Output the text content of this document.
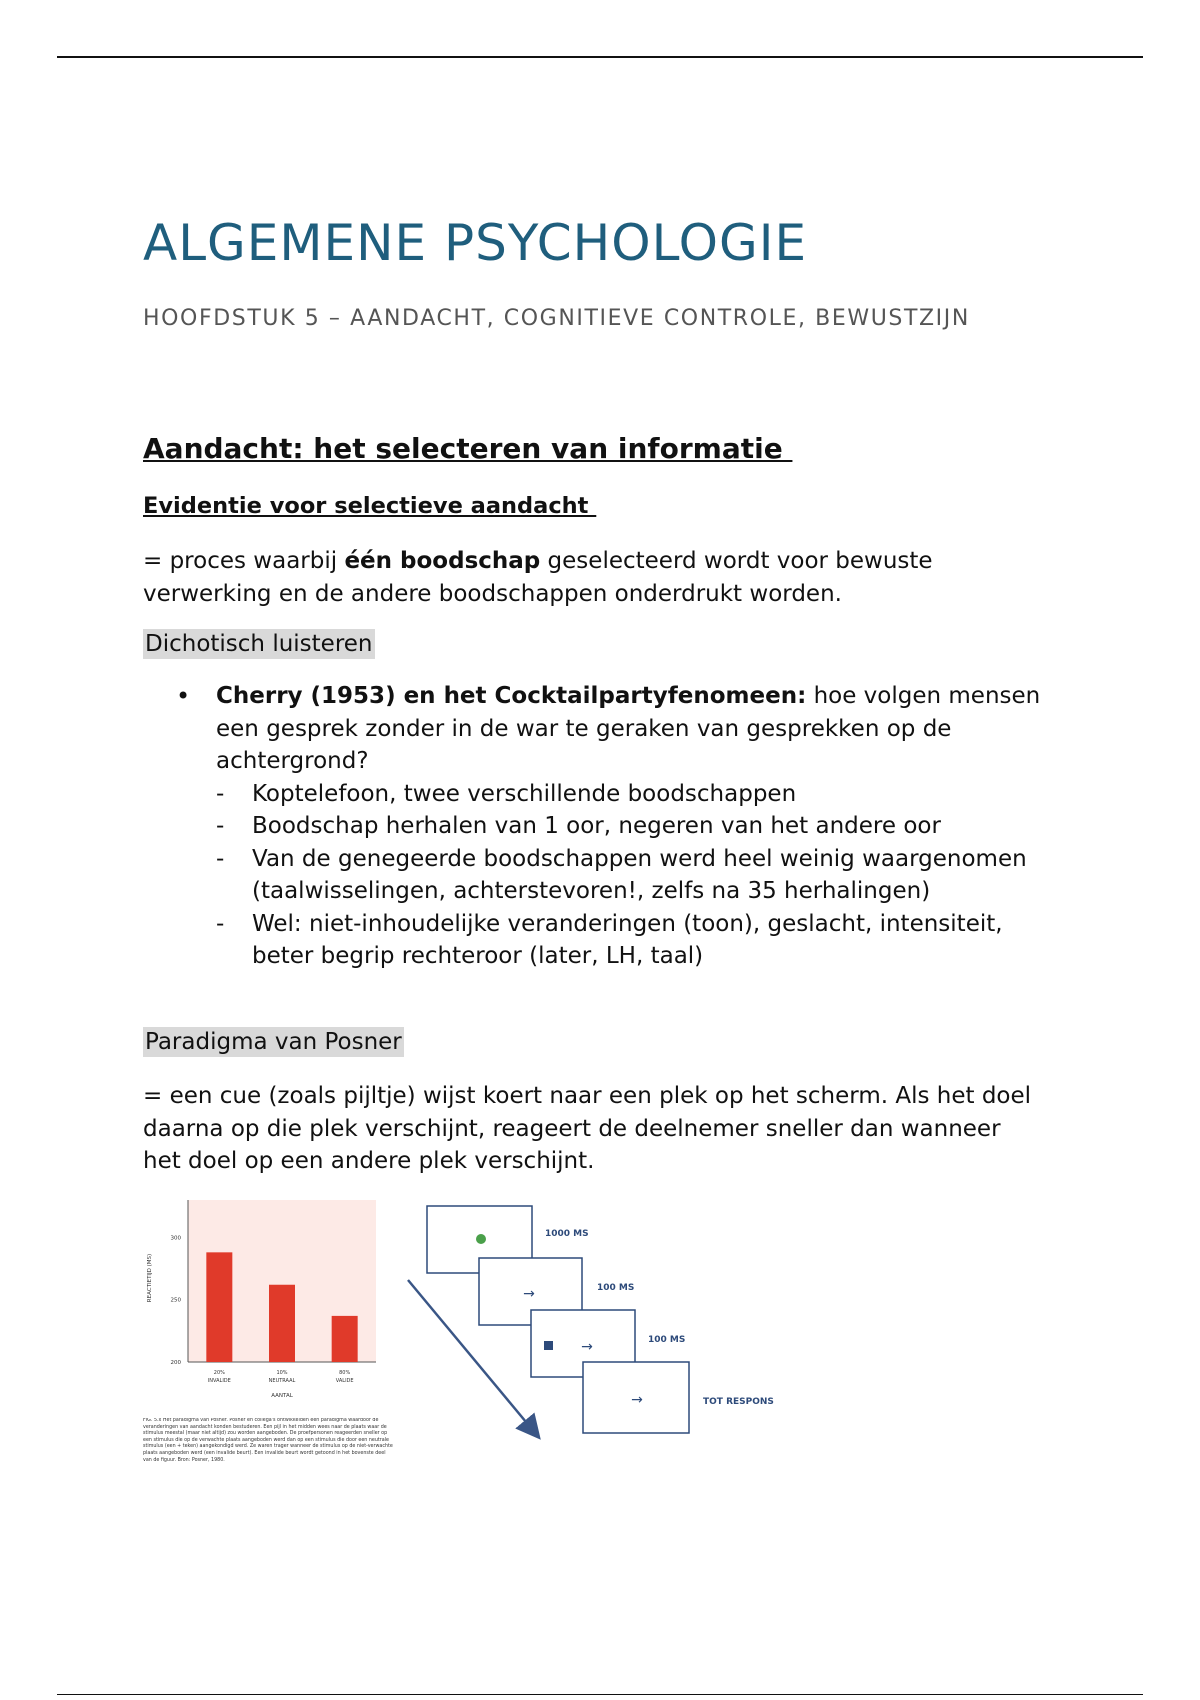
ALGEMENE PSYCHOLOGIE

HOOFDSTUK 5 – AANDACHT, COGNITIEVE CONTROLE, BEWUSTZIJN

Aandacht: het selecteren van informatie
Evidentie voor selectieve aandacht

= proces waarbij één boodschap geselecteerd wordt voor bewuste verwerking en de andere boodschappen onderdrukt worden.

Dichotisch luisteren

• Cherry (1953) en het Cocktailpartyfenomeen: hoe volgen mensen een gesprek zonder in de war te geraken van gesprekken op de achtergrond?
- Koptelefoon, twee verschillende boodschappen
- Boodschap herhalen van 1 oor, negeren van het andere oor
- Van de genegeerde boodschappen werd heel weinig waargenomen (taalwisselingen, achterstevoren!, zelfs na 35 herhalingen)
- Wel: niet-inhoudelijke veranderingen (toon), geslacht, intensiteit, beter begrip rechteroor (later, LH, taal)

Paradigma van Posner

= een cue (zoals pijltje) wijst koert naar een plek op het scherm. Als het doel daarna op die plek verschijnt, reageert de deelnemer sneller dan wanneer het doel op een andere plek verschijnt.

REACTIETIJD (MS)
AANTAL
300
250
200
20%
INVALIDE
10%
NEUTRAAL
80%
VALIDE
FIG. 5.x Het paradigma van Posner. Posner en collega's ontwikkelden een paradigma waardoor de veranderingen van aandacht konden bestuderen. Een pijl in het midden wees naar de plaats waar de stimulus meestal (maar niet altijd) zou worden aangeboden. De proefpersonen reageerden sneller op een stimulus die op de verwachte plaats aangeboden werd dan op een stimulus die door een neutrale stimulus (een + teken) aangekondigd werd. Ze waren trager wanneer de stimulus op de niet-verwachte plaats aangeboden werd (een invalide beurt). Een invalide beurt wordt getoond in het bovenste deel van de figuur. Bron: Posner, 1980.
1000 MS
→	100 MS
→	100 MS
→	TOT RESPONS
